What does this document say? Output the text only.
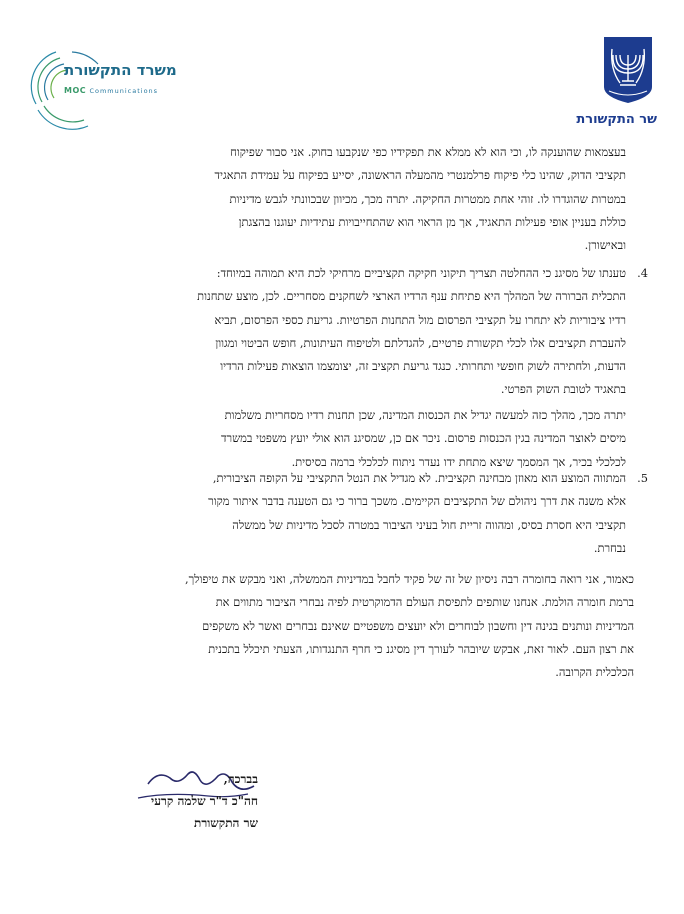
שר התקשורת
משרד התקשורת
MOC Communications
בעצמאות שהוענקה לו, וכי הוא לא ממלא את תפקידיו כפי שנקבעו בחוק. אני סבור שפיקוח
תקציבי הדוק, שהינו כלי פיקוח פרלמנטרי מהמעלה הראשונה, יסייע בפיקוח על עמידת התאגיד
במטרות שהוגדרו לו. זוהי אחת ממטרות החקיקה. יתרה מכך, מכיוון שבכוונתי לגבש מדיניות
כוללת בעניין אופי פעילות התאגיד, אך מן הראוי הוא שהתחייבויות עתידיות יעוגנו בהצגתן
ובאישורן.
4.
טענתו של מסיגנ כי ההחלטה תצריך תיקוני חקיקה תקציביים מרחיקי לכת היא תמוהה במיוחד:
התכלית הברורה של המהלך היא פתיחת ענף הרדיו הארצי לשחקנים מסחריים. לכן, מוצע שתחנות
רדיו ציבוריות לא יתחרו על תקציבי הפרסום מול התחנות הפרטיות. גריעת כספי הפרסום, תביא
להעברת תקציבים אלו לכלי תקשורת פרטיים, להגדלתם ולטיפוח העיתונות, חופש הביטוי ומגוון
הדעות, ולחתירה לשוק חופשי ותחרותי. כנגד גריעת תקציב זה, יצומצמו הוצאות פעילות הרדיו
בתאגיד לטובת השוק הפרטי.
יתרה מכך, מהלך כזה למעשה יגדיל את הכנסות המדינה, שכן תחנות רדיו מסחריות משלמות
מיסים לאוצר המדינה בגין הכנסות פרסום. ניכר אם כן, שמסיגנ הוא אולי יועץ משפטי במשרד
לכלכלי בכיר, אך המסמך שיצא מתחת ידו נעדר ניתוח לכלכלי ברמה בסיסית.
5.
המתווה המוצע הוא מאוזן מבחינה תקציבית. לא מגדיל את הנטל התקציבי על הקופה הציבורית,
אלא משנה את דרך ניהולם של התקציבים הקיימים. משכך ברור כי גם הטענה בדבר איתור מקור
תקציבי היא חסרת בסיס, ומהווה זריית חול בעיני הציבור במטרה לסכל מדיניות של ממשלה
נבחרת.
כאמור, אני רואה בחומרה רבה ניסיון של זה של פקיד לחבל במדיניות הממשלה, ואני מבקש את טיפולך,
ברמת חומרה הולמת. אנחנו שותפים לתפיסת העולם הדמוקרטית לפיה נבחרי הציבור מתווים את
המדיניות ונותנים בגינה דין וחשבון לבוחרים ולא יועצים משפטיים שאינם נבחרים ואשר לא משקפים
את רצון העם. לאור זאת, אבקש שיובהר לעורך דין מסיגנ כי חרף התנגדותו, הצעתי תיכלל בתכנית
הכלכלית הקרובה.
בברכה,
חה"כ ד"ר שלמה קרעי
שר התקשורת
